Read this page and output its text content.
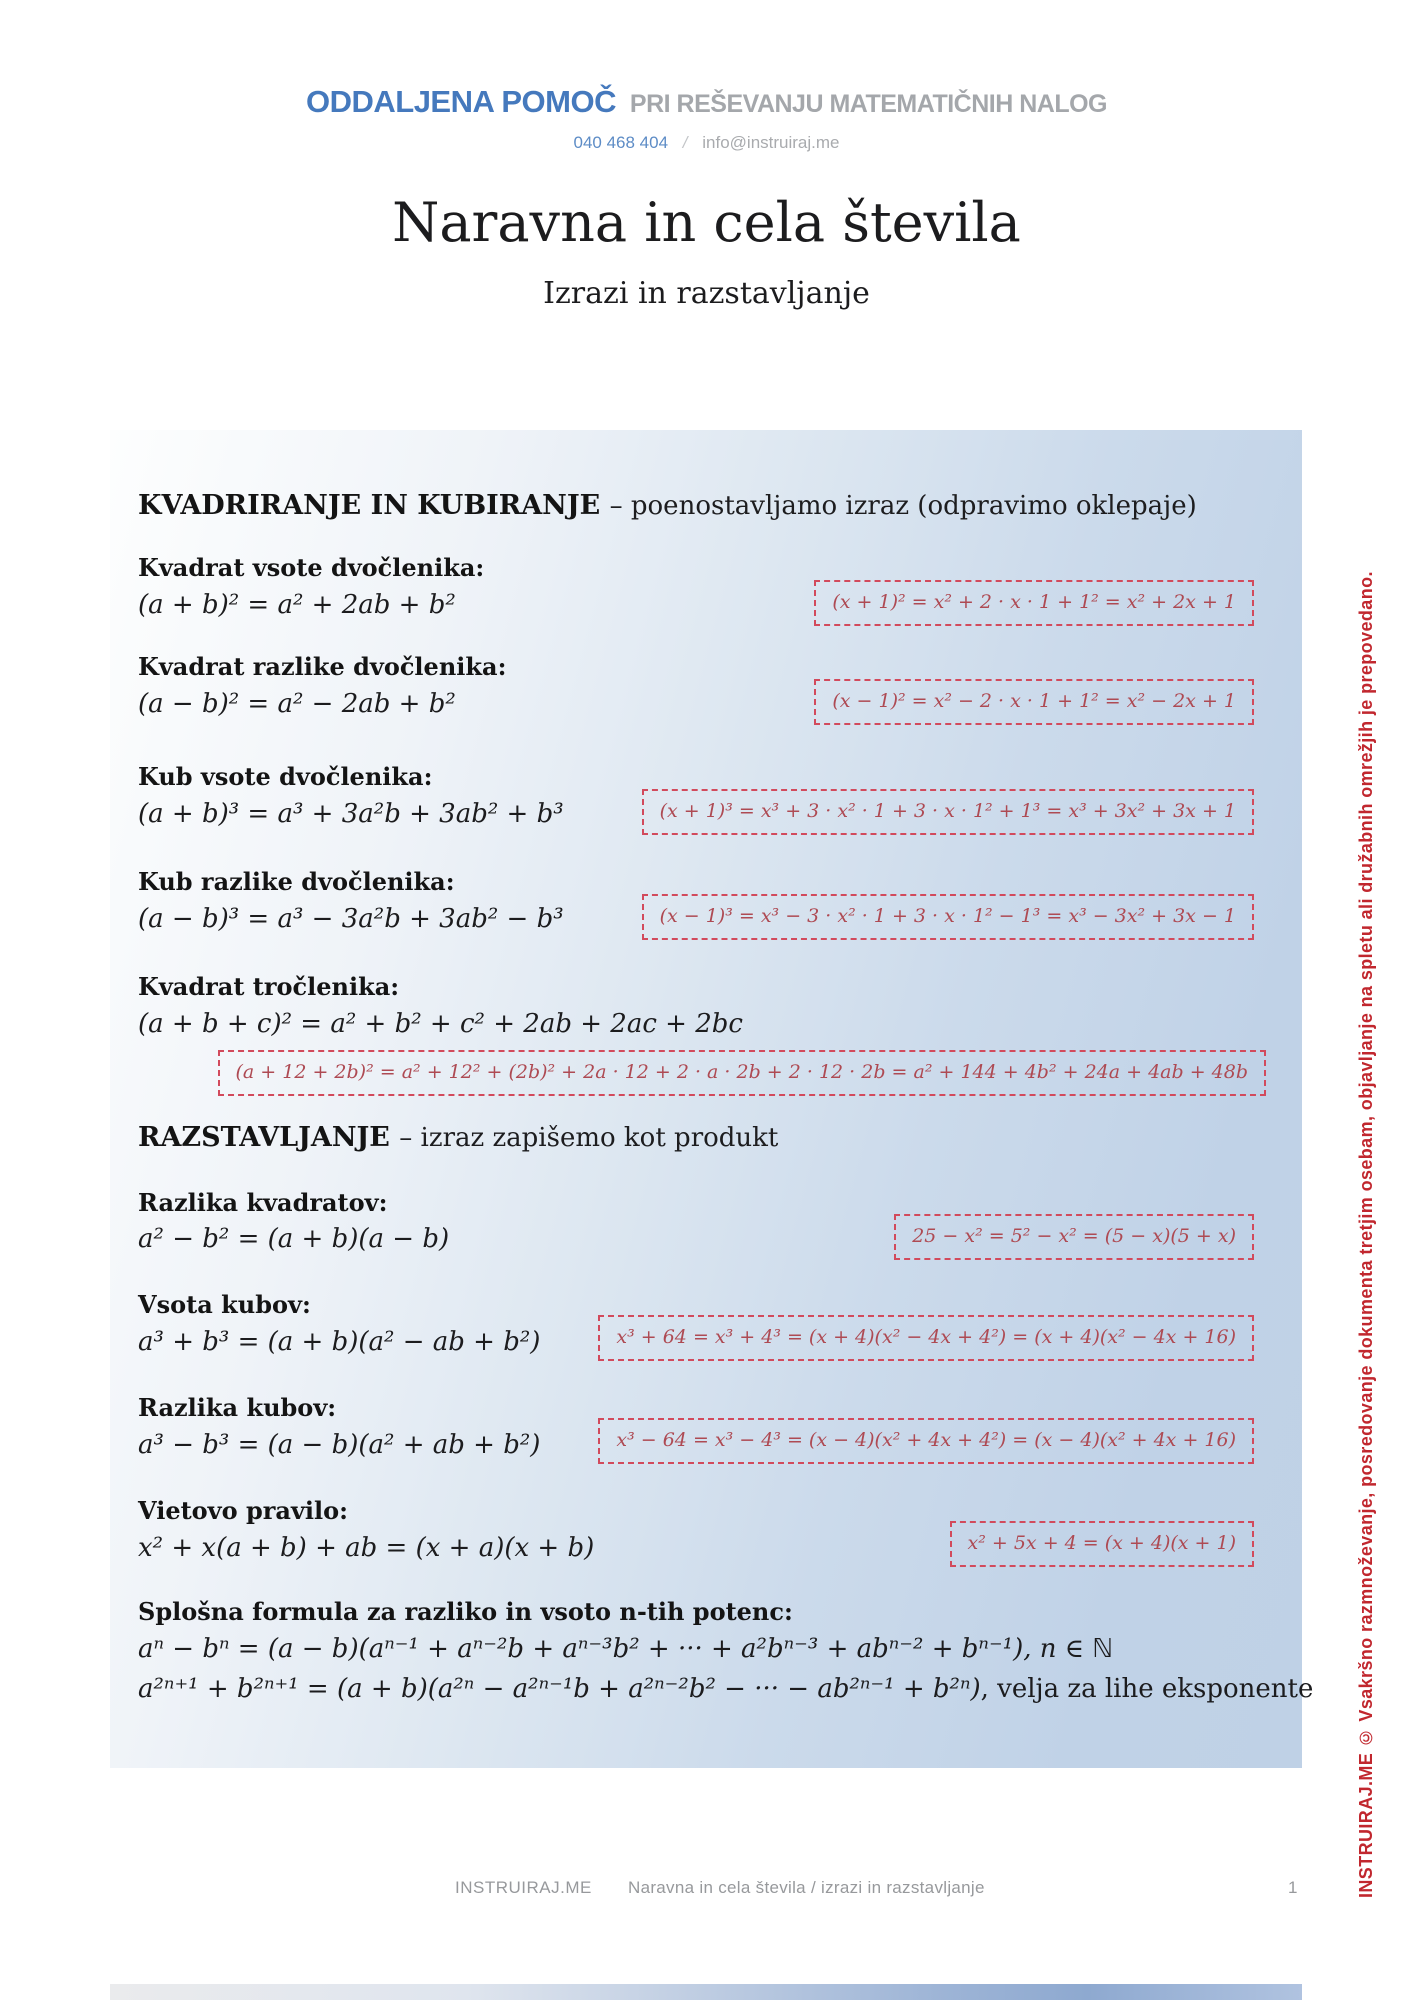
ODDALJENA POMOČ PRI REŠEVANJU MATEMATIČNIH NALOG
040 468 404 / info@instruiraj.me
Naravna in cela števila
Izrazi in razstavljanje
KVADRIRANJE IN KUBIRANJE – poenostavljamo izraz (odpravimo oklepaje)
Kvadrat vsote dvočlenika:
(a + b)² = a² + 2ab + b²	(x + 1)² = x² + 2 · x · 1 + 1² = x² + 2x + 1
Kvadrat razlike dvočlenika:
(a − b)² = a² − 2ab + b²	(x − 1)² = x² − 2 · x · 1 + 1² = x² − 2x + 1
Kub vsote dvočlenika:
(a + b)³ = a³ + 3a²b + 3ab² + b³	(x + 1)³ = x³ + 3 · x² · 1 + 3 · x · 1² + 1³ = x³ + 3x² + 3x + 1
Kub razlike dvočlenika:
(a − b)³ = a³ − 3a²b + 3ab² − b³	(x − 1)³ = x³ − 3 · x² · 1 + 3 · x · 1² − 1³ = x³ − 3x² + 3x − 1
Kvadrat tročlenika:
(a + b + c)² = a² + b² + c² + 2ab + 2ac + 2bc
(a + 12 + 2b)² = a² + 12² + (2b)² + 2a · 12 + 2 · a · 2b + 2 · 12 · 2b = a² + 144 + 4b² + 24a + 4ab + 48b
RAZSTAVLJANJE – izraz zapišemo kot produkt
Razlika kvadratov:
a² − b² = (a + b)(a − b)	25 − x² = 5² − x² = (5 − x)(5 + x)
Vsota kubov:
a³ + b³ = (a + b)(a² − ab + b²)	x³ + 64 = x³ + 4³ = (x + 4)(x² − 4x + 4²) = (x + 4)(x² − 4x + 16)
Razlika kubov:
a³ − b³ = (a − b)(a² + ab + b²)	x³ − 64 = x³ − 4³ = (x − 4)(x² + 4x + 4²) = (x − 4)(x² + 4x + 16)
Vietovo pravilo:
x² + x(a + b) + ab = (x + a)(x + b)	x² + 5x + 4 = (x + 4)(x + 1)
Splošna formula za razliko in vsoto n-tih potenc:
aⁿ − bⁿ = (a − b)(aⁿ⁻¹ + aⁿ⁻²b + aⁿ⁻³b² + ··· + a²bⁿ⁻³ + abⁿ⁻² + bⁿ⁻¹), n ∈ ℕ
a²ⁿ⁺¹ + b²ⁿ⁺¹ = (a + b)(a²ⁿ − a²ⁿ⁻¹b + a²ⁿ⁻²b² − ··· − ab²ⁿ⁻¹ + b²ⁿ), velja za lihe eksponente
INSTRUIRAJ.ME Naravna in cela števila / izrazi in razstavljanje	1	INSTRUIRAJ.ME © Vsakršno razmnoževanje, posredovanje dokumenta tretjim osebam, objavljanje na spletu ali družabnih omrežjih je prepovedano.
